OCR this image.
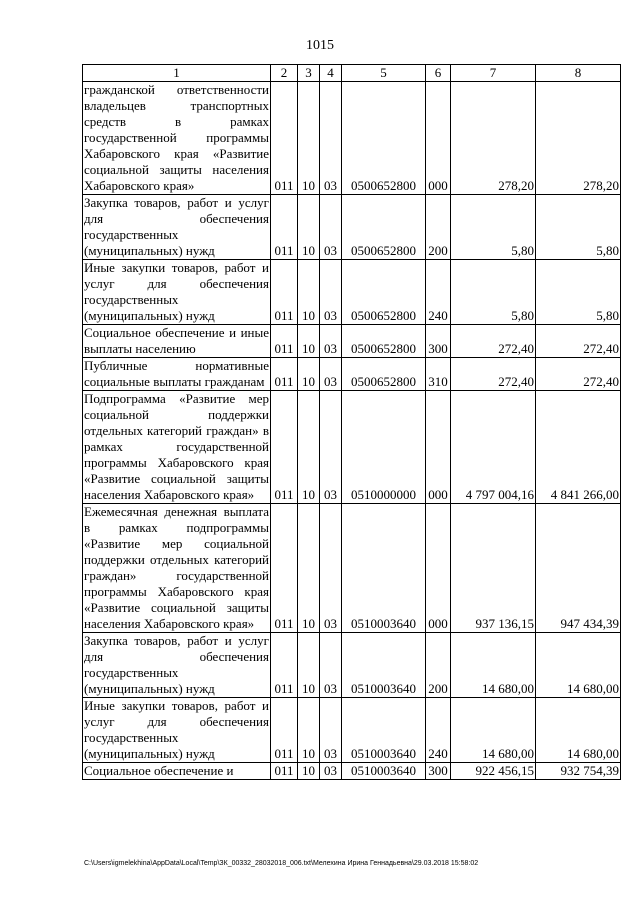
1015
1	2	3	4	5	6	7	8
гражданской ответственности владельцев транспортных средств в рамках государственной программы Хабаровского края «Развитие социальной защиты населения Хабаровского края»	011	10	03	0500652800	000	278,20	278,20
Закупка товаров, работ и услуг для обеспечения государственных (муниципальных) нужд	011	10	03	0500652800	200	5,80	5,80
Иные закупки товаров, работ и услуг для обеспечения государственных (муниципальных) нужд	011	10	03	0500652800	240	5,80	5,80
Социальное обеспечение и иные выплаты населению	011	10	03	0500652800	300	272,40	272,40
Публичные нормативные социальные выплаты гражданам	011	10	03	0500652800	310	272,40	272,40
Подпрограмма «Развитие мер социальной поддержки отдельных категорий граждан» в рамках государственной программы Хабаровского края «Развитие социальной защиты населения Хабаровского края»	011	10	03	0510000000	000	4 797 004,16	4 841 266,00
Ежемесячная денежная выплата в рамках подпрограммы «Развитие мер социальной поддержки отдельных категорий граждан» государственной программы Хабаровского края «Развитие социальной защиты населения Хабаровского края»	011	10	03	0510003640	000	937 136,15	947 434,39
Закупка товаров, работ и услуг для обеспечения государственных (муниципальных) нужд	011	10	03	0510003640	200	14 680,00	14 680,00
Иные закупки товаров, работ и услуг для обеспечения государственных (муниципальных) нужд	011	10	03	0510003640	240	14 680,00	14 680,00
Социальное обеспечение и	011	10	03	0510003640	300	922 456,15	932 754,39
C:\Users\igmelekhina\AppData\Local\Temp\ЗК_00332_28032018_006.txt\Мелехина Ирина Геннадьевна\29.03.2018 15:58:02
